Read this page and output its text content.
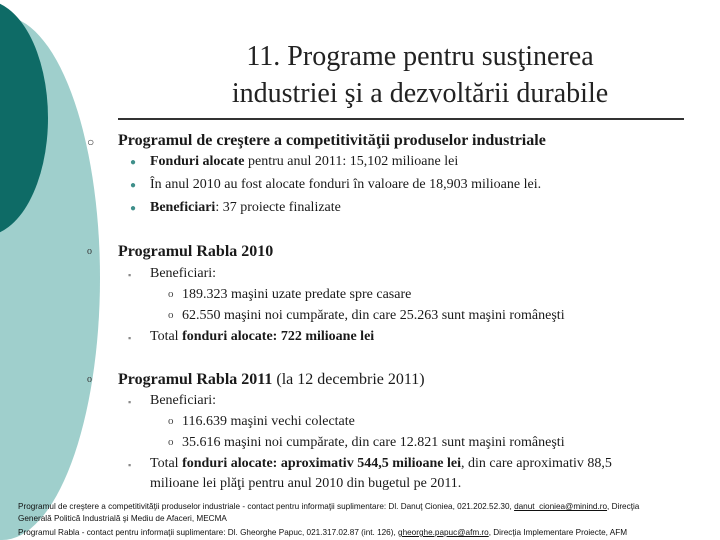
11. Programe pentru susţinerea
industriei şi a dezvoltării durabile
○ Programul de creştere a competitivităţii produselor industriale
● Fonduri alocate pentru anul 2011: 15,102 milioane lei
● În anul 2010 au fost alocate fonduri în valoare de 18,903 milioane lei.
● Beneficiari: 37 proiecte finalizate
o Programul Rabla 2010
▪ Beneficiari:
o 189.323 maşini uzate predate spre casare
o 62.550 maşini noi cumpărate, din care 25.263 sunt maşini româneşti
▪ Total fonduri alocate: 722 milioane lei
o Programul Rabla 2011 (la 12 decembrie 2011)
▪ Beneficiari:
o 116.639 maşini vechi colectate
o 35.616 maşini noi cumpărate, din care 12.821 sunt maşini româneşti
▪ Total fonduri alocate: aproximativ 544,5 milioane lei, din care aproximativ 88,5
milioane lei plăţi pentru anul 2010 din bugetul pe 2011.
Programul de creştere a competitivităţii produselor industriale - contact pentru informaţii suplimentare: Dl. Danuţ Cioniea, 021.202.52.30, danut_cioniea@minind.ro, Direcţia
Generală Politică Industrială şi Mediu de Afaceri, MECMA
Programul Rabla - contact pentru informaţii suplimentare: Dl. Gheorghe Papuc, 021.317.02.87 (int. 126), gheorghe.papuc@afm.ro, Direcţia Implementare Proiecte, AFM
